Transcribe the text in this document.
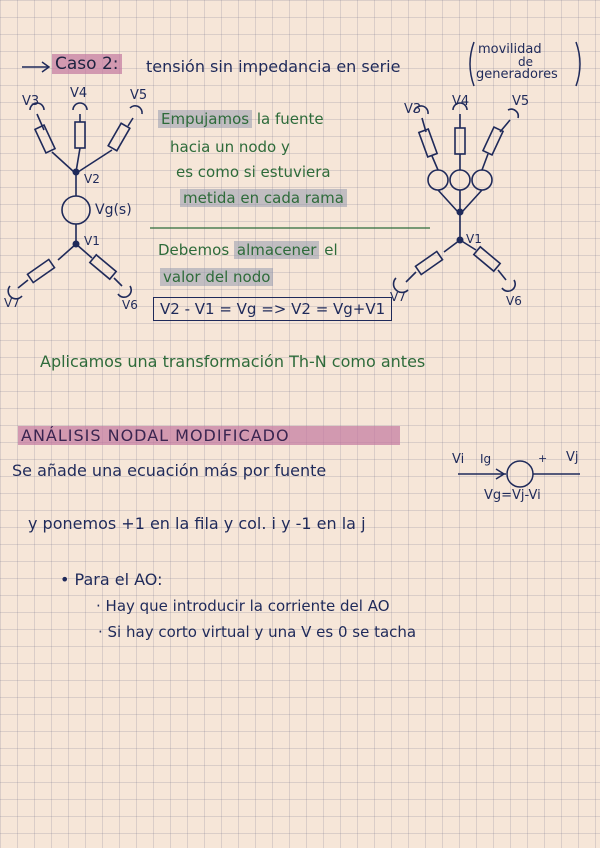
Caso 2: tensión sin impedancia en serie
movilidad
de
generadores
V3
V4	V5
V2
Vg(s)
V1
V7	V6
Empujamos la fuente
hacia un nodo y
es como si estuviera
metida en cada rama
V3
V4	V5
V1
V7	V6
Debemos almacener el
valor del nodo
V2 - V1 = Vg => V2 = Vg+V1
Aplicamos una transformación Th-N como antes
ANÁLISIS NODAL MODIFICADO
Se añade una ecuación más por fuente
Vi Ig	+ Vj
Vg=Vj-Vi
y ponemos +1 en la fila y col. i y -1 en la j
• Para el AO:
· Hay que introducir la corriente del AO
· Si hay corto virtual y una V es 0 se tacha
